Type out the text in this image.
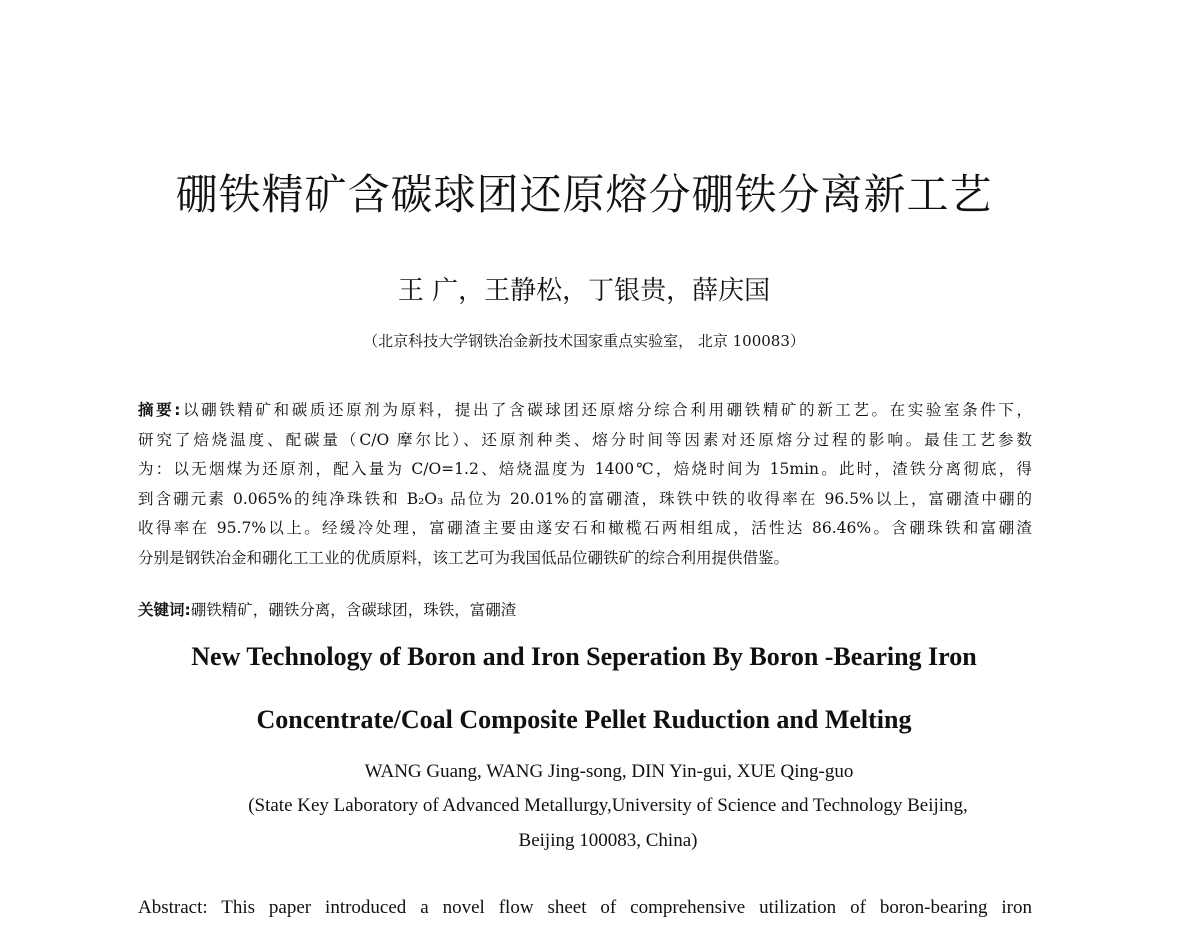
硼铁精矿含碳球团还原熔分硼铁分离新工艺
王 广，王静松，丁银贵，薛庆国
（北京科技大学钢铁冶金新技术国家重点实验室， 北京 100083）
摘要:以硼铁精矿和碳质还原剂为原料，提出了含碳球团还原熔分综合利用硼铁精矿的新工艺。在实验室条件下，
研究了焙烧温度、配碳量（C/O 摩尔比）、还原剂种类、熔分时间等因素对还原熔分过程的影响。最佳工艺参数
为：以无烟煤为还原剂，配入量为 C/O=1.2、焙烧温度为 1400℃，焙烧时间为 15min。此时，渣铁分离彻底，得
到含硼元素 0.065%的纯净珠铁和 B₂O₃ 品位为 20.01%的富硼渣，珠铁中铁的收得率在 96.5%以上，富硼渣中硼的
收得率在 95.7%以上。经缓冷处理，富硼渣主要由遂安石和橄榄石两相组成，活性达 86.46%。含硼珠铁和富硼渣
分别是钢铁冶金和硼化工工业的优质原料，该工艺可为我国低品位硼铁矿的综合利用提供借鉴。
关键词:硼铁精矿，硼铁分离，含碳球团，珠铁，富硼渣
New Technology of Boron and Iron Seperation By Boron -Bearing Iron
Concentrate/Coal Composite Pellet Ruduction and Melting
WANG Guang, WANG Jing-song, DIN Yin-gui, XUE Qing-guo
(State Key Laboratory of Advanced Metallurgy,University of Science and Technology Beijing,
Beijing 100083, China)
Abstract: This paper introduced a novel flow sheet of comprehensive utilization of boron-bearing iron
